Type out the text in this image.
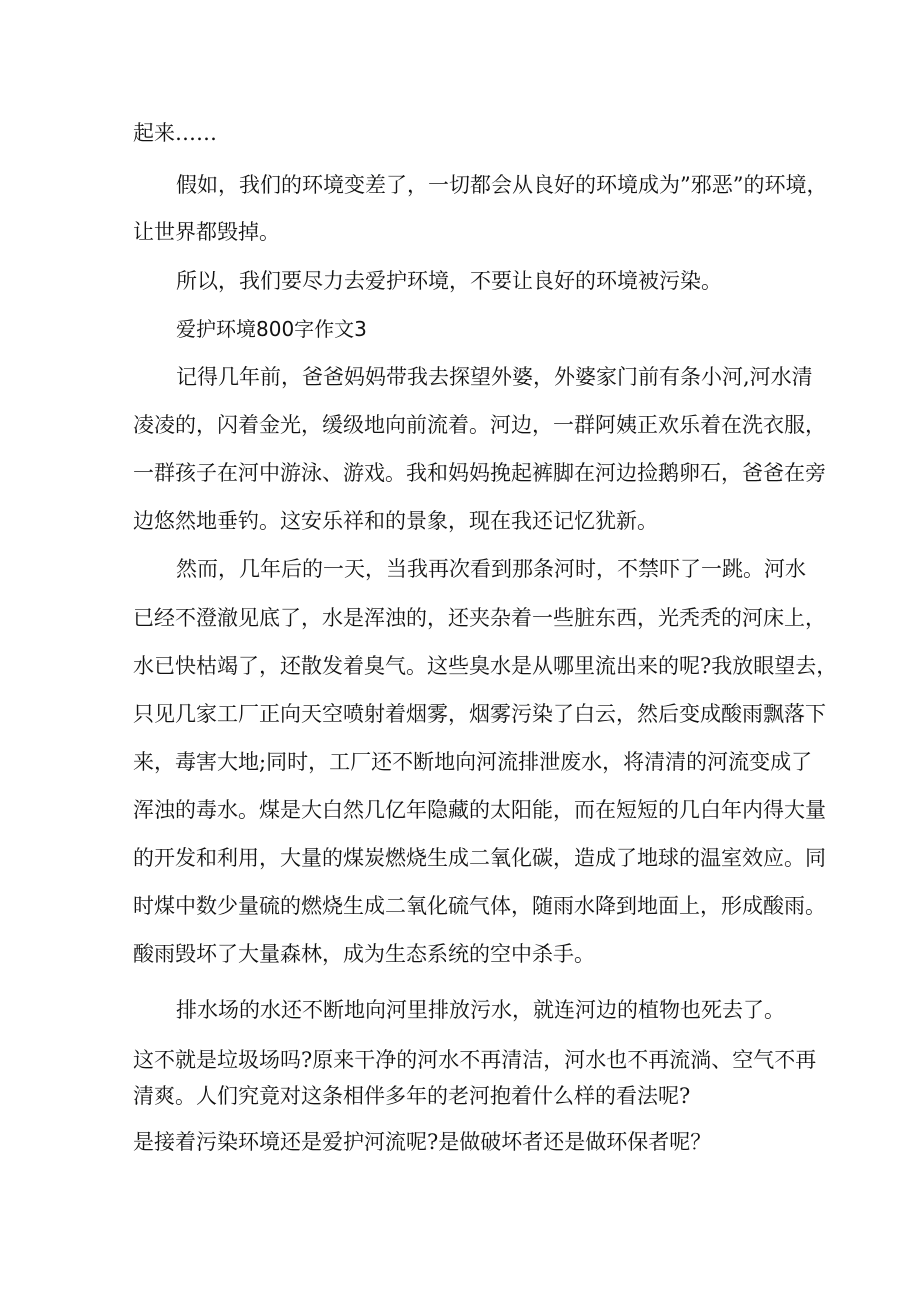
起来……

假如，我们的环境变差了，一切都会从良好的环境成为”邪恶”的环境，

让世界都毁掉。

所以，我们要尽力去爱护环境，不要让良好的环境被污染。

爱护环境800字作文3

记得几年前，爸爸妈妈带我去探望外婆，外婆家门前有条小河,河水清

凌凌的，闪着金光，缓级地向前流着。河边，一群阿姨正欢乐着在洗衣服，

一群孩子在河中游泳、游戏。我和妈妈挽起裤脚在河边捡鹅卵石，爸爸在旁

边悠然地垂钓。这安乐祥和的景象，现在我还记忆犹新。

然而，几年后的一天，当我再次看到那条河时，不禁吓了一跳。河水

已经不澄澈见底了，水是浑浊的，还夹杂着一些脏东西，光秃秃的河床上，

水已快枯竭了，还散发着臭气。这些臭水是从哪里流出来的呢?我放眼望去，

只见几家工厂正向天空喷射着烟雾，烟雾污染了白云，然后变成酸雨飘落下

来，毒害大地;同时，工厂还不断地向河流排泄废水，将清清的河流变成了

浑浊的毒水。煤是大白然几亿年隐藏的太阳能，而在短短的几白年内得大量

的开发和利用，大量的煤炭燃烧生成二氧化碳，造成了地球的温室效应。同

时煤中数少量硫的燃烧生成二氧化硫气体，随雨水降到地面上，形成酸雨。

酸雨毁坏了大量森林，成为生态系统的空中杀手。

排水场的水还不断地向河里排放污水，就连河边的植物也死去了。

这不就是垃圾场吗?原来干净的河水不再清洁，河水也不再流淌、空气不再

清爽。人们究竟对这条相伴多年的老河抱着什么样的看法呢?

是接着污染环境还是爱护河流呢?是做破坏者还是做环保者呢？
